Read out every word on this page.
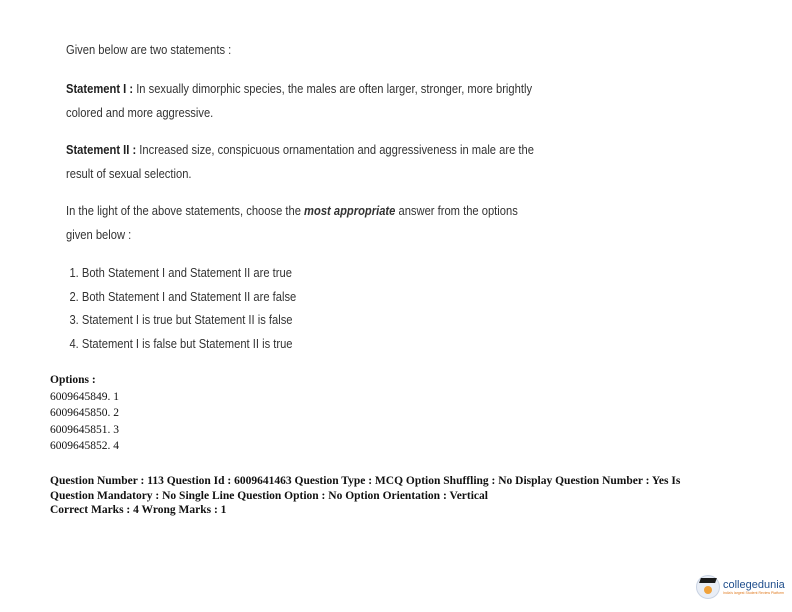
Given below are two statements :

Statement I : In sexually dimorphic species, the males are often larger, stronger, more brightly colored and more aggressive.

Statement II : Increased size, conspicuous ornamentation and aggressiveness in male are the result of sexual selection.

In the light of the above statements, choose the most appropriate answer from the options given below :

1. Both Statement I and Statement II are true
2. Both Statement I and Statement II are false
3. Statement I is true but Statement II is false
4. Statement I is false but Statement II is true
Options :
6009645849. 1
6009645850. 2
6009645851. 3
6009645852. 4
Question Number : 113 Question Id : 6009641463 Question Type : MCQ Option Shuffling : No Display Question Number : Yes Is
Question Mandatory : No Single Line Question Option : No Option Orientation : Vertical
Correct Marks : 4 Wrong Marks : 1
collegedunia
India's largest Student Review Platform
